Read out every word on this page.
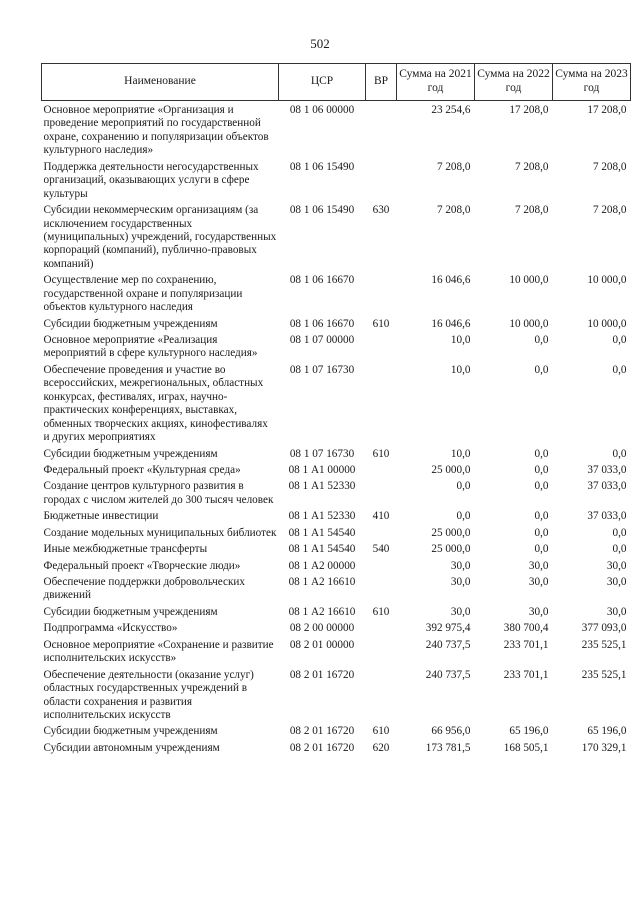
502
Наименование	ЦСР	ВР	Сумма на 2021 год	Сумма на 2022 год	Сумма на 2023 год
Основное мероприятие «Организация и проведение мероприятий по государственной охране, сохранению и популяризации объектов культурного наследия»	08 1 06 00000		23 254,6	17 208,0	17 208,0
Поддержка деятельности негосударственных организаций, оказывающих услуги в сфере культуры	08 1 06 15490		7 208,0	7 208,0	7 208,0
Субсидии некоммерческим организациям (за исключением государственных (муниципальных) учреждений, государственных корпораций (компаний), публично-правовых компаний)	08 1 06 15490	630	7 208,0	7 208,0	7 208,0
Осуществление мер по сохранению, государственной охране и популяризации объектов культурного наследия	08 1 06 16670		16 046,6	10 000,0	10 000,0
Субсидии бюджетным учреждениям	08 1 06 16670	610	16 046,6	10 000,0	10 000,0
Основное мероприятие «Реализация мероприятий в сфере культурного наследия»	08 1 07 00000		10,0	0,0	0,0
Обеспечение проведения и участие во всероссийских, межрегиональных, областных конкурсах, фестивалях, играх, научно-практических конференциях, выставках, обменных творческих акциях, кинофестивалях и других мероприятиях	08 1 07 16730		10,0	0,0	0,0
Субсидии бюджетным учреждениям	08 1 07 16730	610	10,0	0,0	0,0
Федеральный проект «Культурная среда»	08 1 А1 00000		25 000,0	0,0	37 033,0
Создание центров культурного развития в городах с числом жителей до 300 тысяч человек	08 1 А1 52330		0,0	0,0	37 033,0
Бюджетные инвестиции	08 1 А1 52330	410	0,0	0,0	37 033,0
Создание модельных муниципальных библиотек	08 1 А1 54540		25 000,0	0,0	0,0
Иные межбюджетные трансферты	08 1 А1 54540	540	25 000,0	0,0	0,0
Федеральный проект «Творческие люди»	08 1 А2 00000		30,0	30,0	30,0
Обеспечение поддержки добровольческих движений	08 1 А2 16610		30,0	30,0	30,0
Субсидии бюджетным учреждениям	08 1 А2 16610	610	30,0	30,0	30,0
Подпрограмма «Искусство»	08 2 00 00000		392 975,4	380 700,4	377 093,0
Основное мероприятие «Сохранение и развитие исполнительских искусств»	08 2 01 00000		240 737,5	233 701,1	235 525,1
Обеспечение деятельности (оказание услуг) областных государственных учреждений в области сохранения и развития исполнительских искусств	08 2 01 16720		240 737,5	233 701,1	235 525,1
Субсидии бюджетным учреждениям	08 2 01 16720	610	66 956,0	65 196,0	65 196,0
Субсидии автономным учреждениям	08 2 01 16720	620	173 781,5	168 505,1	170 329,1
